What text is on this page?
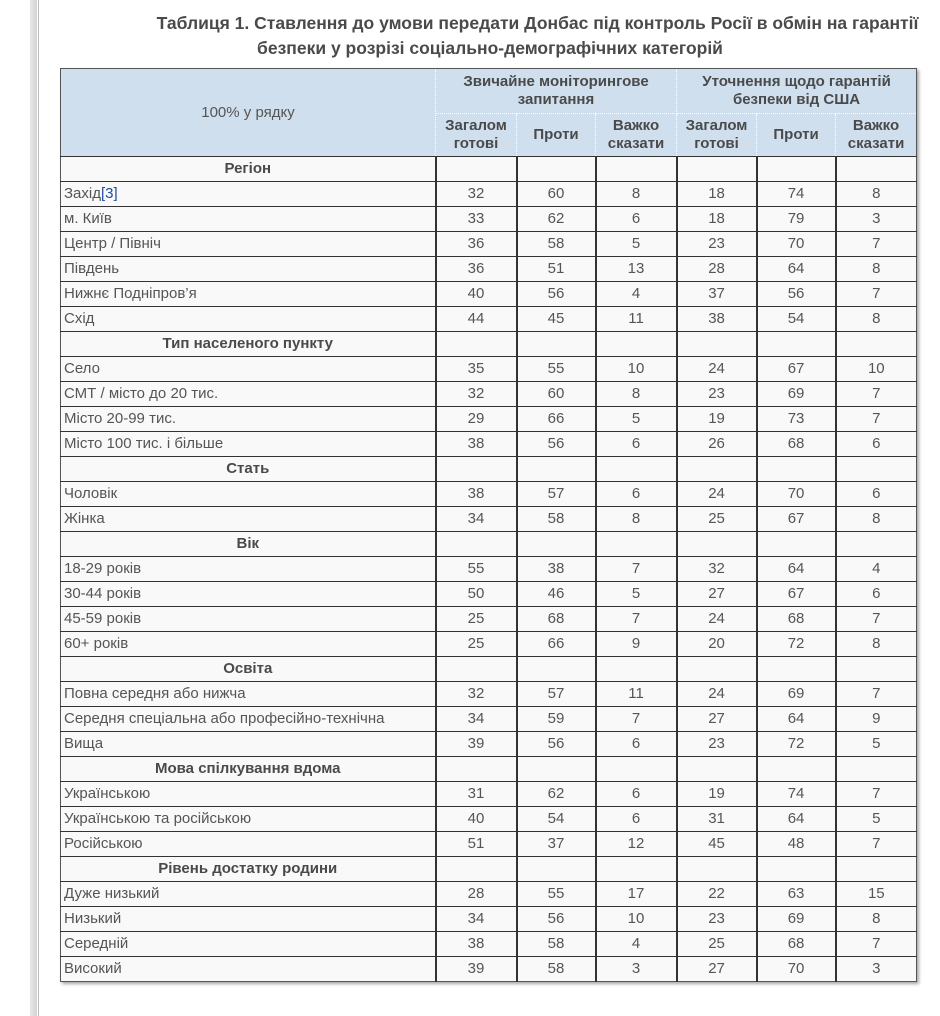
Таблиця 1. Ставлення до умови передати Донбас під контроль Росії в обмін на гарантії
безпеки у розрізі соціально-демографічних категорій
100% у рядку	Звичайне моніторингове запитання			Уточнення щодо гарантій безпеки від США		
	Загалом готові	Проти	Важко сказати	Загалом готові	Проти	Важко сказати
Регіон						
Захід[3]	32	60	8	18	74	8
м. Київ	33	62	6	18	79	3
Центр / Північ	36	58	5	23	70	7
Південь	36	51	13	28	64	8
Нижнє Подніпров’я	40	56	4	37	56	7
Схід	44	45	11	38	54	8
Тип населеного пункту						
Село	35	55	10	24	67	10
СМТ / місто до 20 тис.	32	60	8	23	69	7
Місто 20-99 тис.	29	66	5	19	73	7
Місто 100 тис. і більше	38	56	6	26	68	6
Стать						
Чоловік	38	57	6	24	70	6
Жінка	34	58	8	25	67	8
Вік						
18-29 років	55	38	7	32	64	4
30-44 років	50	46	5	27	67	6
45-59 років	25	68	7	24	68	7
60+ років	25	66	9	20	72	8
Освіта						
Повна середня або нижча	32	57	11	24	69	7
Середня спеціальна або професійно-технічна	34	59	7	27	64	9
Вища	39	56	6	23	72	5
Мова спілкування вдома						
Українською	31	62	6	19	74	7
Українською та російською	40	54	6	31	64	5
Російською	51	37	12	45	48	7
Рівень достатку родини						
Дуже низький	28	55	17	22	63	15
Низький	34	56	10	23	69	8
Середній	38	58	4	25	68	7
Високий	39	58	3	27	70	3
